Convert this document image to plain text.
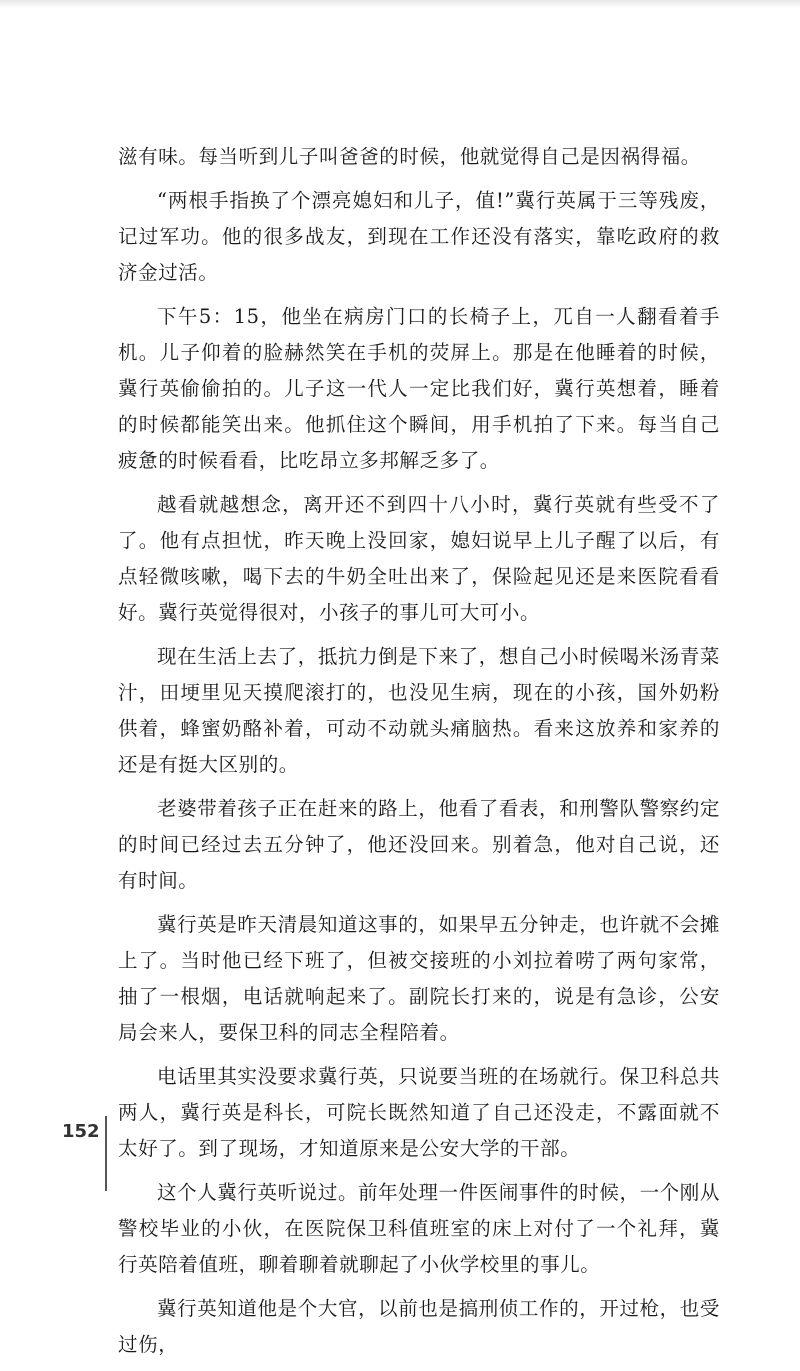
滋有味。每当听到儿子叫爸爸的时候，他就觉得自己是因祸得福。

“两根手指换了个漂亮媳妇和儿子，值!”冀行英属于三等残废，记过军功。他的很多战友，到现在工作还没有落实，靠吃政府的救济金过活。

下午5：15，他坐在病房门口的长椅子上，兀自一人翻看着手机。儿子仰着的脸赫然笑在手机的荧屏上。那是在他睡着的时候，冀行英偷偷拍的。儿子这一代人一定比我们好，冀行英想着，睡着的时候都能笑出来。他抓住这个瞬间，用手机拍了下来。每当自己疲惫的时候看看，比吃昂立多邦解乏多了。

越看就越想念，离开还不到四十八小时，冀行英就有些受不了了。他有点担忧，昨天晚上没回家，媳妇说早上儿子醒了以后，有点轻微咳嗽，喝下去的牛奶全吐出来了，保险起见还是来医院看看好。冀行英觉得很对，小孩子的事儿可大可小。

现在生活上去了，抵抗力倒是下来了，想自己小时候喝米汤青菜汁，田埂里见天摸爬滚打的，也没见生病，现在的小孩，国外奶粉供着，蜂蜜奶酪补着，可动不动就头痛脑热。看来这放养和家养的还是有挺大区别的。

老婆带着孩子正在赶来的路上，他看了看表，和刑警队警察约定的时间已经过去五分钟了，他还没回来。别着急，他对自己说，还有时间。

冀行英是昨天清晨知道这事的，如果早五分钟走，也许就不会摊上了。当时他已经下班了，但被交接班的小刘拉着唠了两句家常，抽了一根烟，电话就响起来了。副院长打来的，说是有急诊，公安局会来人，要保卫科的同志全程陪着。

电话里其实没要求冀行英，只说要当班的在场就行。保卫科总共两人，冀行英是科长，可院长既然知道了自己还没走，不露面就不太好了。到了现场，才知道原来是公安大学的干部。

这个人冀行英听说过。前年处理一件医闹事件的时候，一个刚从警校毕业的小伙，在医院保卫科值班室的床上对付了一个礼拜，冀行英陪着值班，聊着聊着就聊起了小伙学校里的事儿。

冀行英知道他是个大官，以前也是搞刑侦工作的，开过枪，也受过伤，

152
